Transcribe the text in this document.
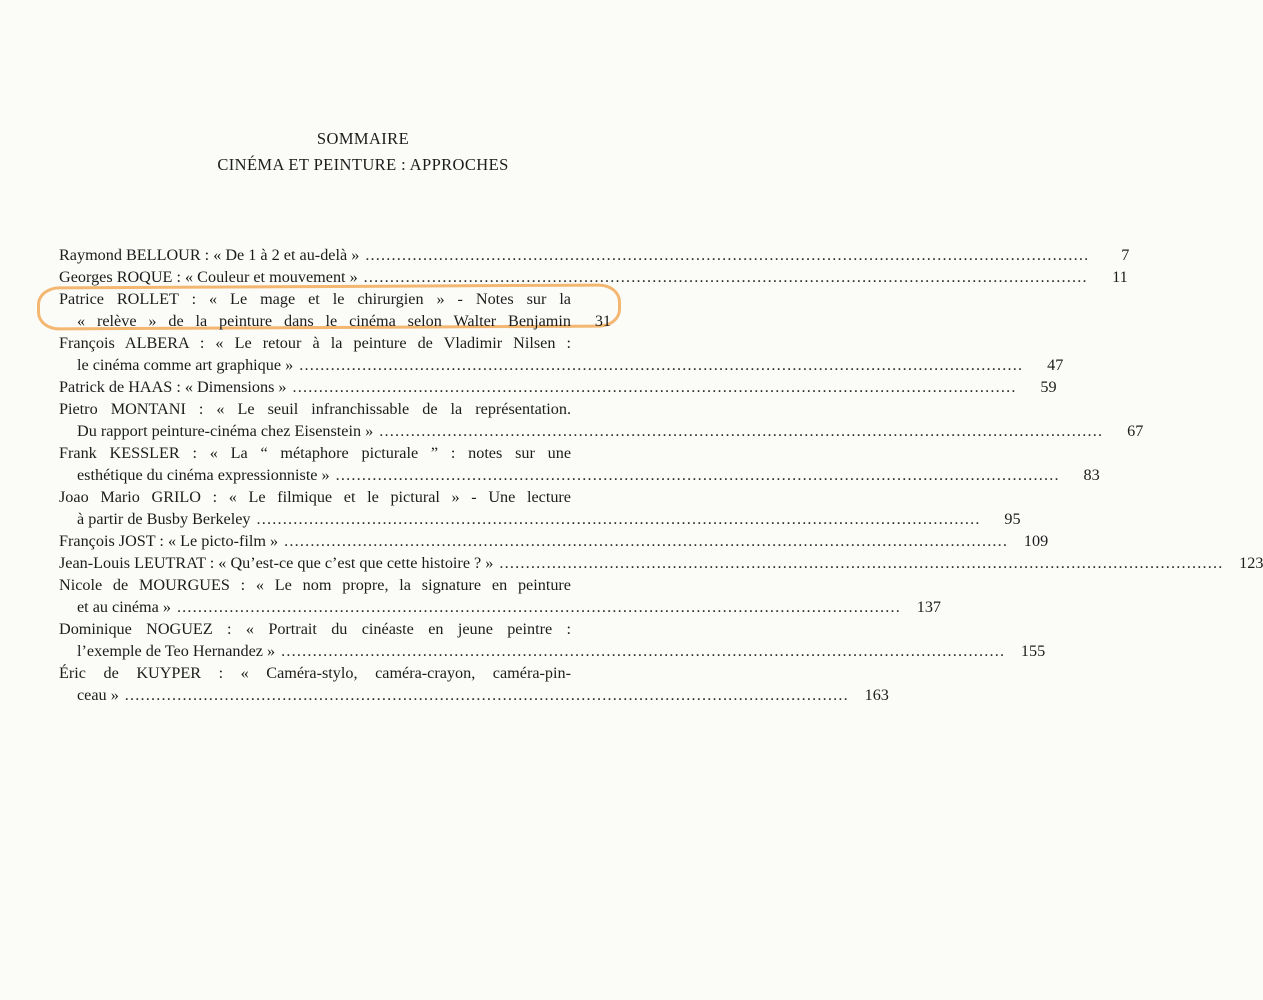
SOMMAIRE
CINÉMA ET PEINTURE : APPROCHES
Raymond BELLOUR : « De 1 à 2 et au-delà » ..........................................................................................................................................	7
Georges ROQUE : « Couleur et mouvement » ..........................................................................................................................................	11
Patrice ROLLET : « Le mage et le chirurgien » - Notes sur la
« relève » de la peinture dans le cinéma selon Walter Benjamin	31
François ALBERA : « Le retour à la peinture de Vladimir Nilsen :
le cinéma comme art graphique » ..........................................................................................................................................	47
Patrick de HAAS : « Dimensions » ..........................................................................................................................................	59
Pietro MONTANI : « Le seuil infranchissable de la représentation.
Du rapport peinture-cinéma chez Eisenstein » ..........................................................................................................................................	67
Frank KESSLER : « La “ métaphore picturale ” : notes sur une
esthétique du cinéma expressionniste » ..........................................................................................................................................	83
Joao Mario GRILO : « Le filmique et le pictural » - Une lecture
à partir de Busby Berkeley ..........................................................................................................................................	95
François JOST : « Le picto-film » .......................................................................................................................................... 109
Jean-Louis LEUTRAT : « Qu’est-ce que c’est que cette histoire ? » .......................................................................................................................................... 123
Nicole de MOURGUES : « Le nom propre, la signature en peinture
et au cinéma » .......................................................................................................................................... 137
Dominique NOGUEZ : « Portrait du cinéaste en jeune peintre :
l’exemple de Teo Hernandez » .......................................................................................................................................... 155
Éric de KUYPER : « Caméra-stylo, caméra-crayon, caméra-pin-
ceau » .......................................................................................................................................... 163
